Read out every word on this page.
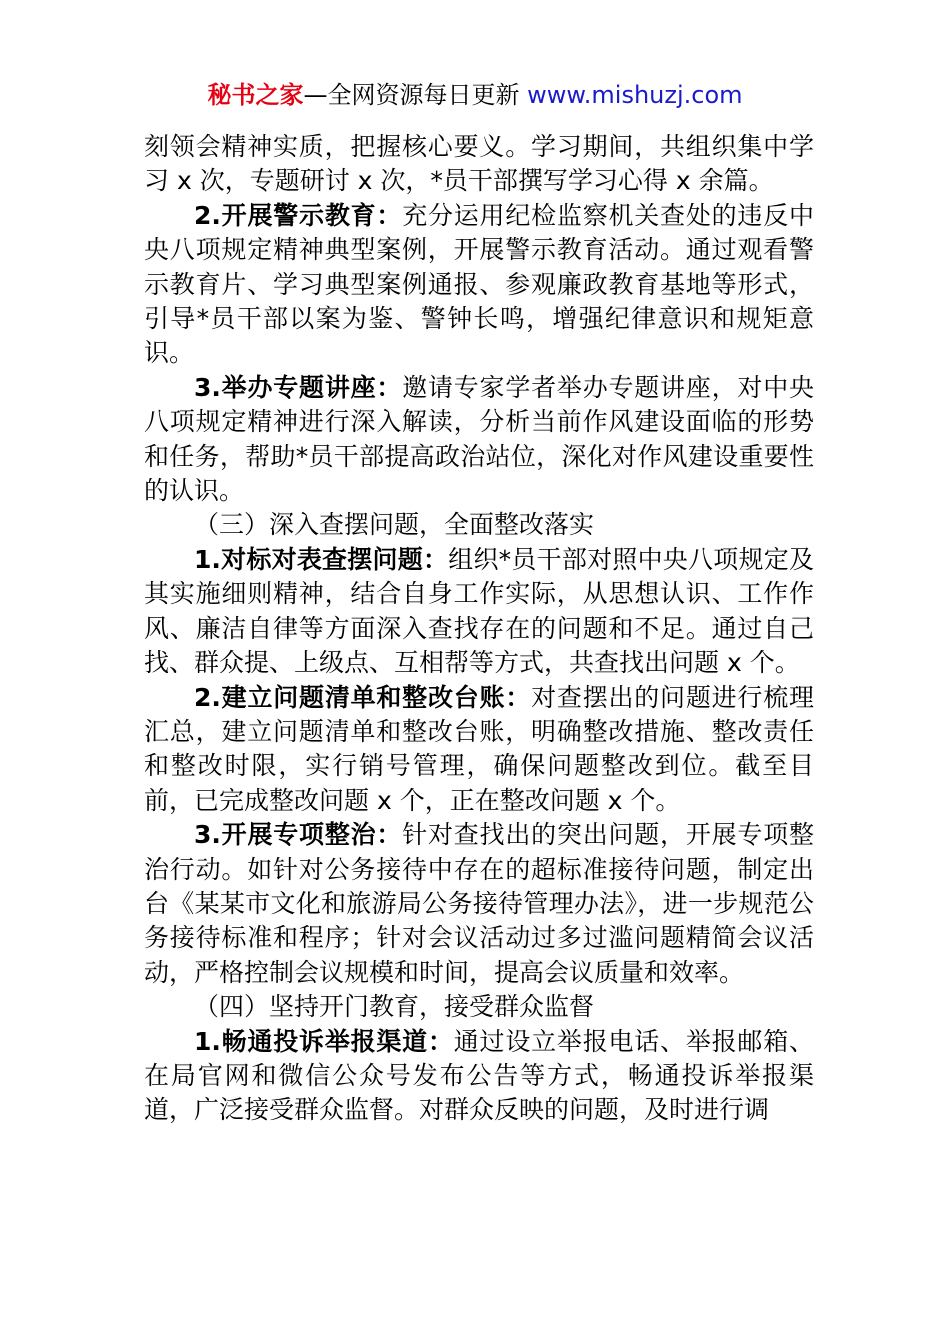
秘书之家—全网资源每日更新 www.mishuzj.com

刻领会精神实质，把握核心要义。学习期间，共组织集中学习 x 次，专题研讨 x 次，*员干部撰写学习心得 x 余篇。

2.开展警示教育：充分运用纪检监察机关查处的违反中央八项规定精神典型案例，开展警示教育活动。通过观看警示教育片、学习典型案例通报、参观廉政教育基地等形式，引导*员干部以案为鉴、警钟长鸣，增强纪律意识和规矩意识。

3.举办专题讲座：邀请专家学者举办专题讲座，对中央八项规定精神进行深入解读，分析当前作风建设面临的形势和任务，帮助*员干部提高政治站位，深化对作风建设重要性的认识。

（三）深入查摆问题，全面整改落实

1.对标对表查摆问题：组织*员干部对照中央八项规定及其实施细则精神，结合自身工作实际，从思想认识、工作作风、廉洁自律等方面深入查找存在的问题和不足。通过自己找、群众提、上级点、互相帮等方式，共查找出问题 x 个。

2.建立问题清单和整改台账：对查摆出的问题进行梳理汇总，建立问题清单和整改台账，明确整改措施、整改责任和整改时限，实行销号管理，确保问题整改到位。截至目前，已完成整改问题 x 个，正在整改问题 x 个。

3.开展专项整治：针对查找出的突出问题，开展专项整治行动。如针对公务接待中存在的超标准接待问题，制定出台《某某市文化和旅游局公务接待管理办法》，进一步规范公务接待标准和程序；针对会议活动过多过滥问题精简会议活动，严格控制会议规模和时间，提高会议质量和效率。

（四）坚持开门教育，接受群众监督

1.畅通投诉举报渠道：通过设立举报电话、举报邮箱、在局官网和微信公众号发布公告等方式，畅通投诉举报渠道，广泛接受群众监督。对群众反映的问题，及时进行调
